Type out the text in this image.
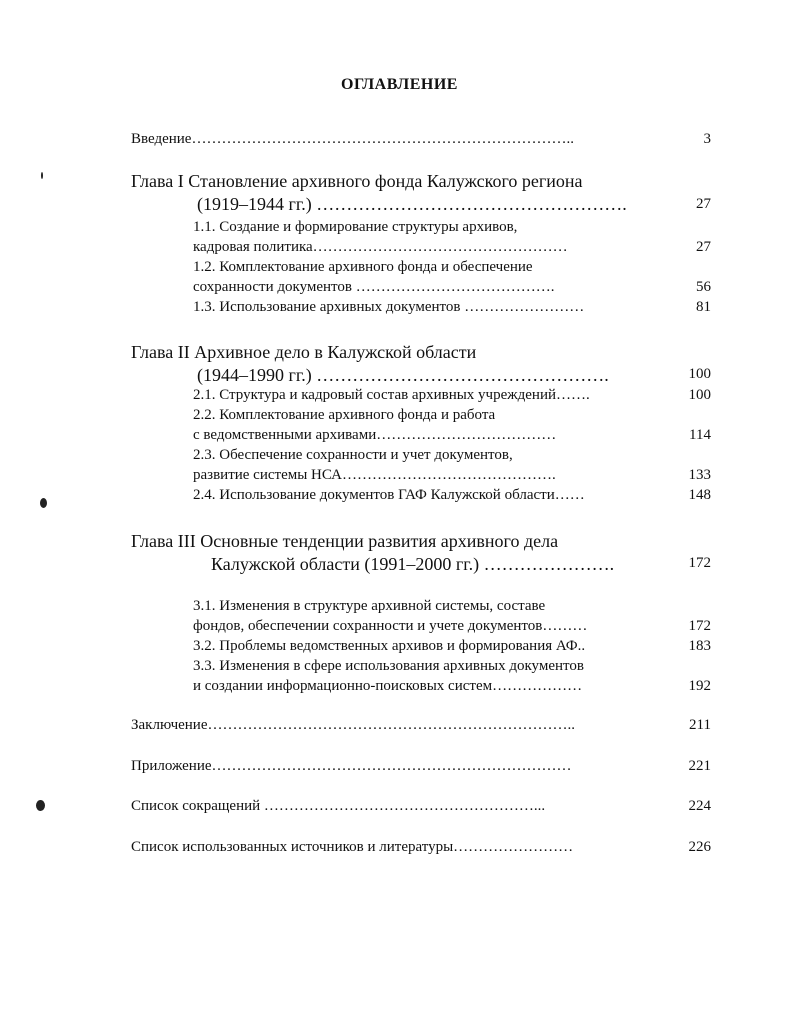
ОГЛАВЛЕНИЕ
Введение…………………………………………………………………..	3
Глава I Становление архивного фонда Калужского региона
(1919–1944 гг.) …………………………………………….	27
1.1. Создание и формирование структуры архивов,
кадровая политика……………………………………………	27
1.2. Комплектование архивного фонда и обеспечение
сохранности документов ………………………………….	56
1.3. Использование архивных документов ……………………	81
Глава II Архивное дело в Калужской области
(1944–1990 гг.) ………………………………………….	100
2.1. Структура и кадровый состав архивных учреждений…….	100
2.2. Комплектование архивного фонда и работа
с ведомственными архивами………………………………	114
2.3. Обеспечение сохранности и учет документов,
развитие системы НСА…………………………………….	133
2.4. Использование документов ГАФ Калужской области……	148
Глава III Основные тенденции развития архивного дела
Калужской области (1991–2000 гг.) ………………….	172
3.1. Изменения в структуре архивной системы, составе
фондов, обеспечении сохранности и учете документов………	172
3.2. Проблемы ведомственных архивов и формирования АФ..	183
3.3. Изменения в сфере использования архивных документов
и создании информационно-поисковых систем………………	192
Заключение………………………………………………………………..	211
Приложение………………………………………………………………	221
Список сокращений ………………………………………………...	224
Список использованных источников и литературы……………………	226
